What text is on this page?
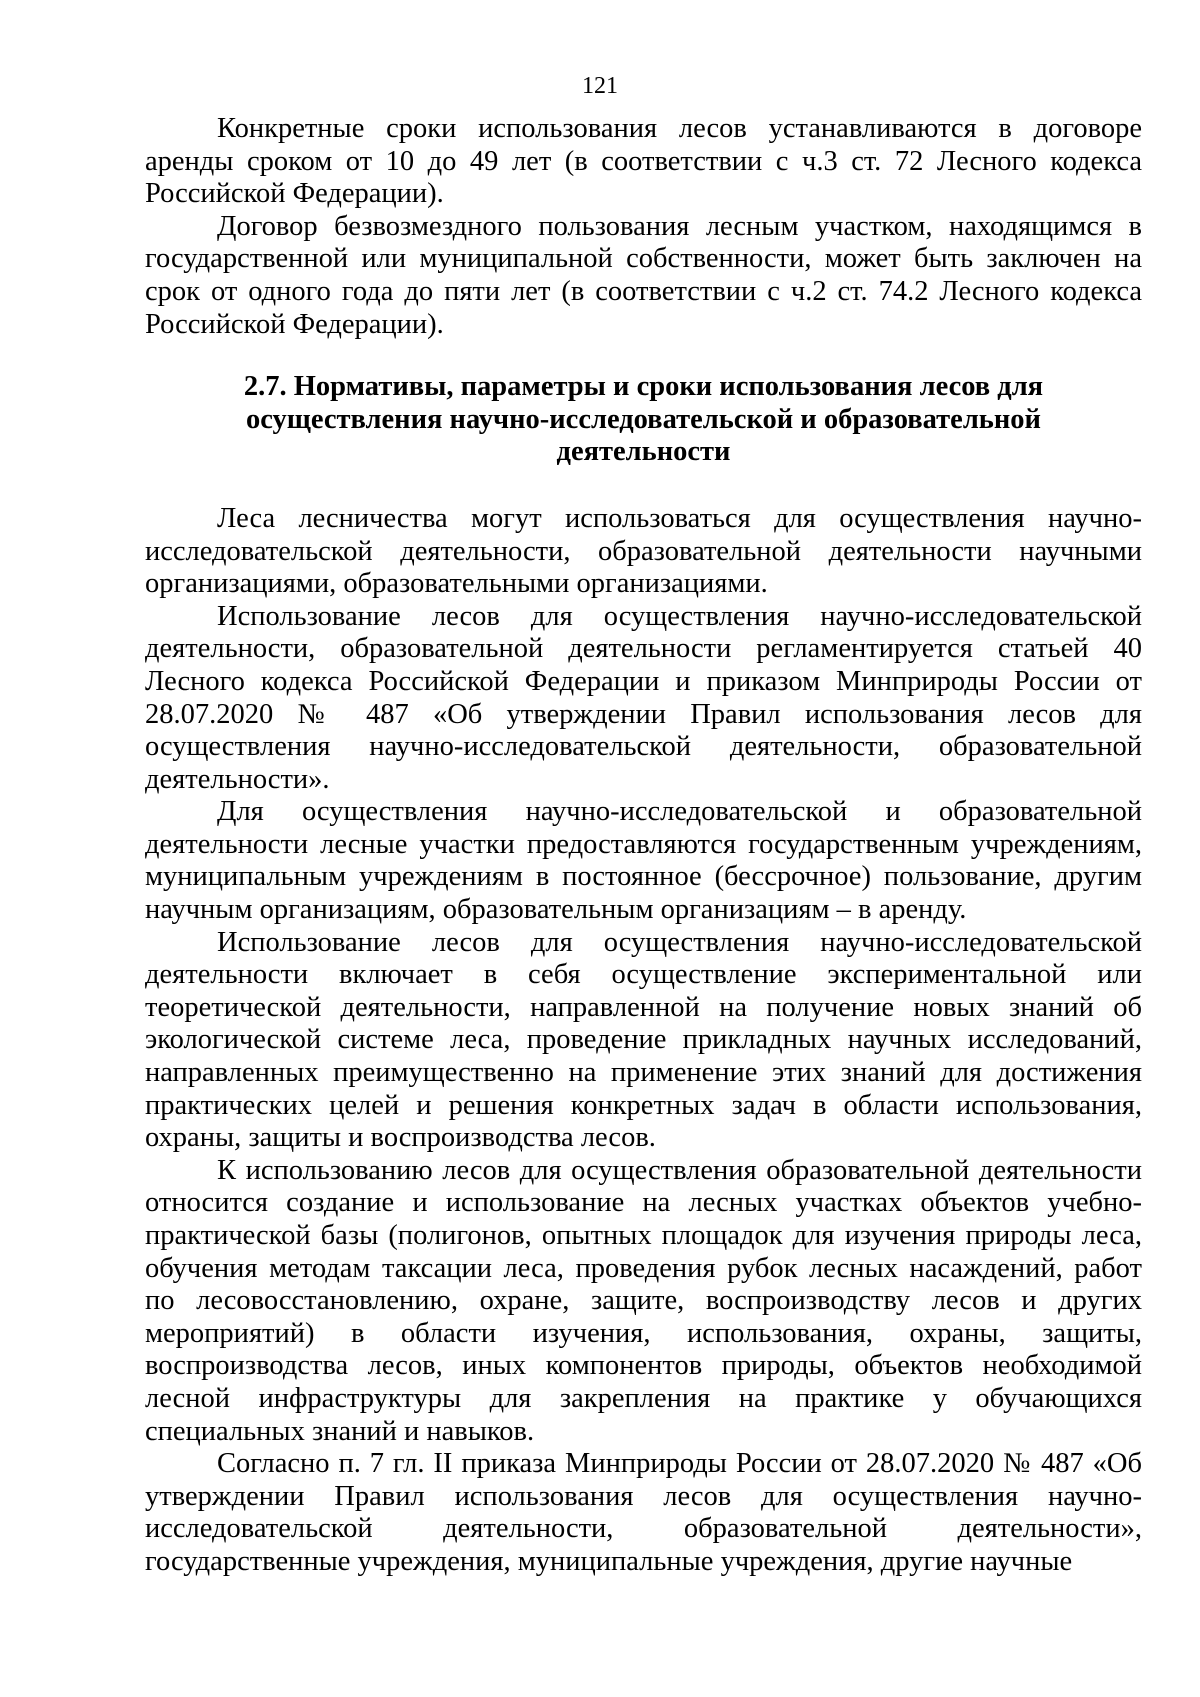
121

Конкретные сроки использования лесов устанавливаются в договоре аренды сроком от 10 до 49 лет (в соответствии с ч.3 ст. 72 Лесного кодекса Российской Федерации).

Договор безвозмездного пользования лесным участком, находящимся в государственной или муниципальной собственности, может быть заключен на срок от одного года до пяти лет (в соответствии с ч.2 ст. 74.2 Лесного кодекса Российской Федерации).

2.7. Нормативы, параметры и сроки использования лесов для
осуществления научно-исследовательской и образовательной
деятельности

Леса лесничества могут использоваться для осуществления научно-исследовательской деятельности, образовательной деятельности научными организациями, образовательными организациями.

Использование лесов для осуществления научно-исследовательской деятельности, образовательной деятельности регламентируется статьей 40 Лесного кодекса Российской Федерации и приказом Минприроды России от 28.07.2020 № 487 «Об утверждении Правил использования лесов для осуществления научно-исследовательской деятельности, образовательной деятельности».

Для осуществления научно-исследовательской и образовательной деятельности лесные участки предоставляются государственным учреждениям, муниципальным учреждениям в постоянное (бессрочное) пользование, другим научным организациям, образовательным организациям – в аренду.

Использование лесов для осуществления научно-исследовательской деятельности включает в себя осуществление экспериментальной или теоретической деятельности, направленной на получение новых знаний об экологической системе леса, проведение прикладных научных исследований, направленных преимущественно на применение этих знаний для достижения практических целей и решения конкретных задач в области использования, охраны, защиты и воспроизводства лесов.

К использованию лесов для осуществления образовательной деятельности относится создание и использование на лесных участках объектов учебно-практической базы (полигонов, опытных площадок для изучения природы леса, обучения методам таксации леса, проведения рубок лесных насаждений, работ по лесовосстановлению, охране, защите, воспроизводству лесов и других мероприятий) в области изучения, использования, охраны, защиты, воспроизводства лесов, иных компонентов природы, объектов необходимой лесной инфраструктуры для закрепления на практике у обучающихся специальных знаний и навыков.

Согласно п. 7 гл. II приказа Минприроды России от 28.07.2020 № 487 «Об утверждении Правил использования лесов для осуществления научно-исследовательской деятельности, образовательной деятельности», государственные учреждения, муниципальные учреждения, другие научные
